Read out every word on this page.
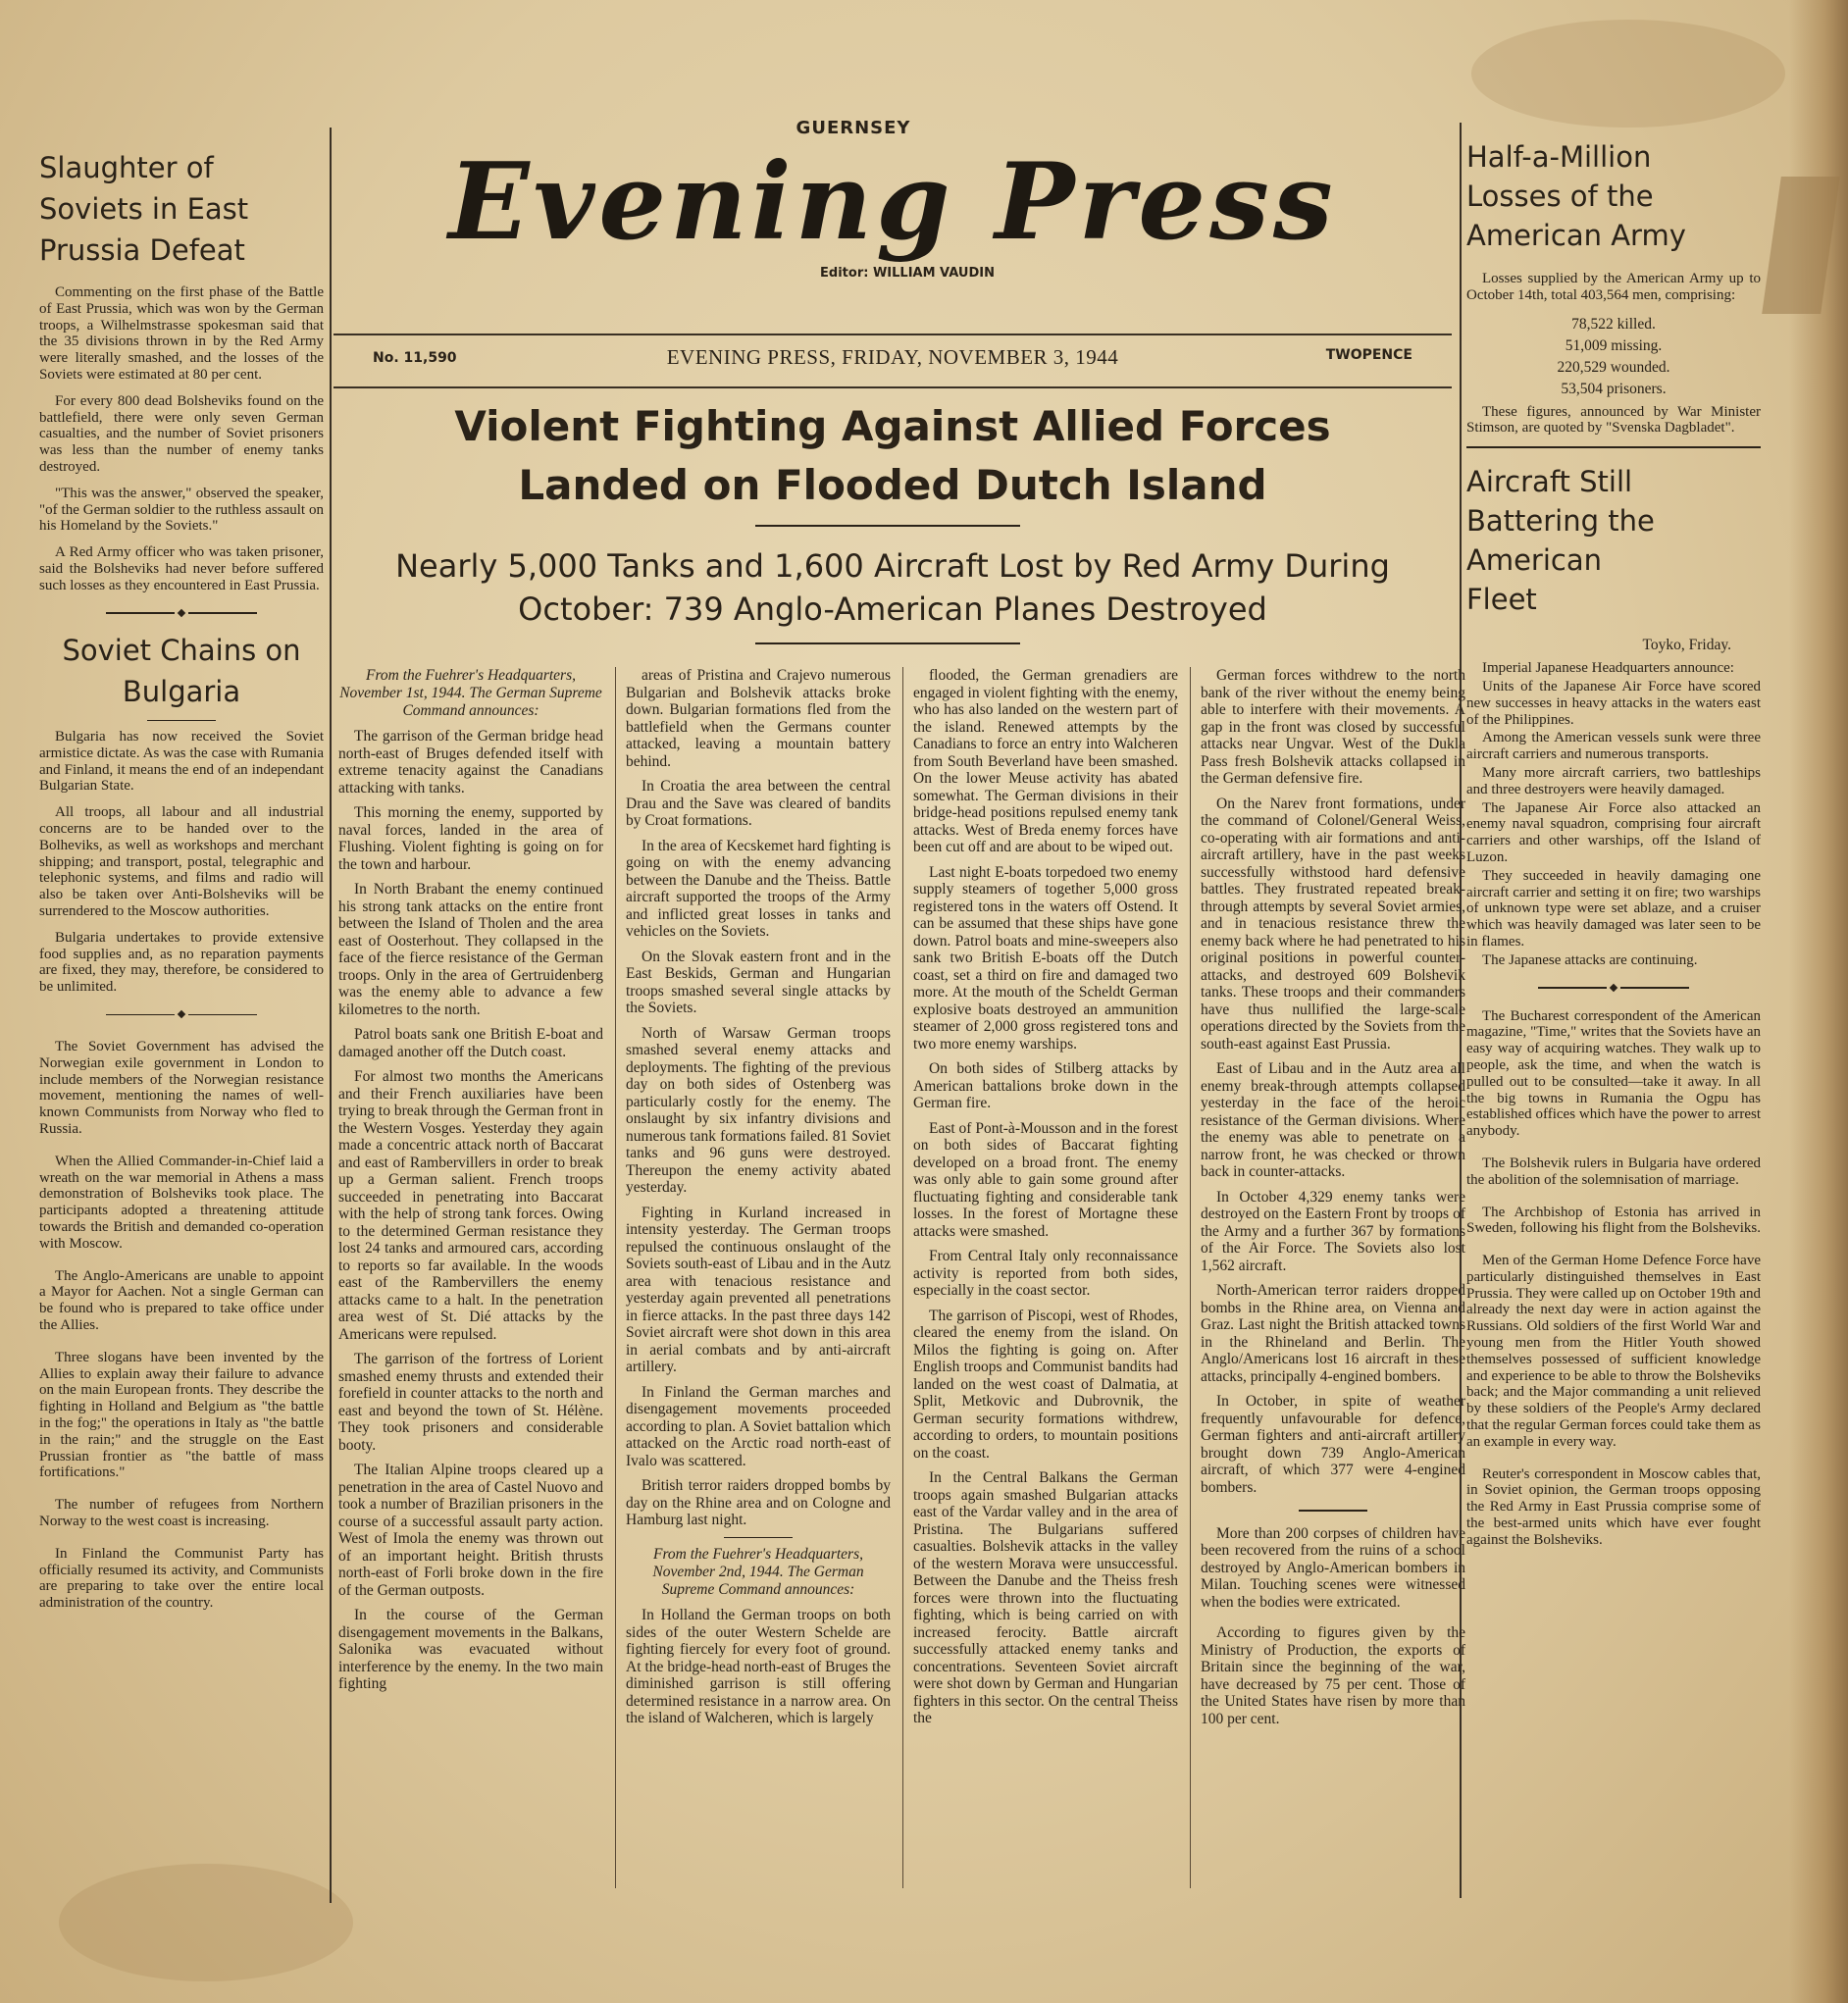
Slaughter of Soviets in East Prussia Defeat

Commenting on the first phase of the Battle of East Prussia, which was won by the German troops, a Wilhelmstrasse spokesman said that the 35 divisions thrown in by the Red Army were literally smashed, and the losses of the Soviets were estimated at 80 per cent.

For every 800 dead Bolsheviks found on the battlefield, there were only seven German casualties, and the number of Soviet prisoners was less than the number of enemy tanks destroyed.

"This was the answer," observed the speaker, "of the German soldier to the ruthless assault on his Homeland by the Soviets."

A Red Army officer who was taken prisoner, said the Bolsheviks had never before suffered such losses as they encountered in East Prussia.

Soviet Chains on Bulgaria

Bulgaria has now received the Soviet armistice dictate. As was the case with Rumania and Finland, it means the end of an independant Bulgarian State.

All troops, all labour and all industrial concerns are to be handed over to the Bolheviks, as well as workshops and merchant shipping; and transport, postal, telegraphic and telephonic systems, and films and radio will also be taken over Anti-Bolsheviks will be surrendered to the Moscow authorities.

Bulgaria undertakes to provide extensive food supplies and, as no reparation payments are fixed, they may, therefore, be considered to be unlimited.

The Soviet Government has advised the Norwegian exile government in London to include members of the Norwegian resistance movement, mentioning the names of well-known Communists from Norway who fled to Russia.

When the Allied Commander-in-Chief laid a wreath on the war memorial in Athens a mass demonstration of Bolsheviks took place. The participants adopted a threatening attitude towards the British and demanded co-operation with Moscow.

The Anglo-Americans are unable to appoint a Mayor for Aachen. Not a single German can be found who is prepared to take office under the Allies.

Three slogans have been invented by the Allies to explain away their failure to advance on the main European fronts. They describe the fighting in Holland and Belgium as "the battle in the fog;" the operations in Italy as "the battle in the rain;" and the struggle on the East Prussian frontier as "the battle of mass fortifications."

The number of refugees from Northern Norway to the west coast is increasing.

In Finland the Communist Party has officially resumed its activity, and Communists are preparing to take over the entire local administration of the country.

GUERNSEY
Evening Press
Editor: WILLIAM VAUDIN
No. 11,590	EVENING PRESS, FRIDAY, NOVEMBER 3, 1944	TWOPENCE
Violent Fighting Against Allied Forces
Landed on Flooded Dutch Island
Nearly 5,000 Tanks and 1,600 Aircraft Lost by Red Army During
October: 739 Anglo-American Planes Destroyed

From the Fuehrer's Headquarters, November 1st, 1944. The German Supreme Command announces:

The garrison of the German bridge head north-east of Bruges defended itself with extreme tenacity against the Canadians attacking with tanks.

This morning the enemy, supported by naval forces, landed in the area of Flushing. Violent fighting is going on for the town and harbour.

In North Brabant the enemy continued his strong tank attacks on the entire front between the Island of Tholen and the area east of Oosterhout. They collapsed in the face of the fierce resistance of the German troops. Only in the area of Gertruidenberg was the enemy able to advance a few kilometres to the north.

Patrol boats sank one British E-boat and damaged another off the Dutch coast.

For almost two months the Americans and their French auxiliaries have been trying to break through the German front in the Western Vosges. Yesterday they again made a concentric attack north of Baccarat and east of Rambervillers in order to break up a German salient. French troops succeeded in penetrating into Baccarat with the help of strong tank forces. Owing to the determined German resistance they lost 24 tanks and armoured cars, according to reports so far available. In the woods east of the Rambervillers the enemy attacks came to a halt. In the penetration area west of St. Dié attacks by the Americans were repulsed.

The garrison of the fortress of Lorient smashed enemy thrusts and extended their forefield in counter attacks to the north and east and beyond the town of St. Hélène. They took prisoners and considerable booty.

The Italian Alpine troops cleared up a penetration in the area of Castel Nuovo and took a number of Brazilian prisoners in the course of a successful assault party action. West of Imola the enemy was thrown out of an important height. British thrusts north-east of Forli broke down in the fire of the German outposts.

In the course of the German disengagement movements in the Balkans, Salonika was evacuated without interference by the enemy. In the two main fighting

areas of Pristina and Crajevo numerous Bulgarian and Bolshevik attacks broke down. Bulgarian formations fled from the battlefield when the Germans counter attacked, leaving a mountain battery behind.

In Croatia the area between the central Drau and the Save was cleared of bandits by Croat formations.

In the area of Kecskemet hard fighting is going on with the enemy advancing between the Danube and the Theiss. Battle aircraft supported the troops of the Army and inflicted great losses in tanks and vehicles on the Soviets.

On the Slovak eastern front and in the East Beskids, German and Hungarian troops smashed several single attacks by the Soviets.

North of Warsaw German troops smashed several enemy attacks and deployments. The fighting of the previous day on both sides of Ostenberg was particularly costly for the enemy. The onslaught by six infantry divisions and numerous tank formations failed. 81 Soviet tanks and 96 guns were destroyed. Thereupon the enemy activity abated yesterday.

Fighting in Kurland increased in intensity yesterday. The German troops repulsed the continuous onslaught of the Soviets south-east of Libau and in the Autz area with tenacious resistance and yesterday again prevented all penetrations in fierce attacks. In the past three days 142 Soviet aircraft were shot down in this area in aerial combats and by anti-aircraft artillery.

In Finland the German marches and disengagement movements proceeded according to plan. A Soviet battalion which attacked on the Arctic road north-east of Ivalo was scattered.

British terror raiders dropped bombs by day on the Rhine area and on Cologne and Hamburg last night.

From the Fuehrer's Headquarters, November 2nd, 1944. The German Supreme Command announces:

In Holland the German troops on both sides of the outer Western Schelde are fighting fiercely for every foot of ground. At the bridge-head north-east of Bruges the diminished garrison is still offering determined resistance in a narrow area. On the island of Walcheren, which is largely

flooded, the German grenadiers are engaged in violent fighting with the enemy, who has also landed on the western part of the island. Renewed attempts by the Canadians to force an entry into Walcheren from South Beverland have been smashed. On the lower Meuse activity has abated somewhat. The German divisions in their bridge-head positions repulsed enemy tank attacks. West of Breda enemy forces have been cut off and are about to be wiped out.

Last night E-boats torpedoed two enemy supply steamers of together 5,000 gross registered tons in the waters off Ostend. It can be assumed that these ships have gone down. Patrol boats and mine-sweepers also sank two British E-boats off the Dutch coast, set a third on fire and damaged two more. At the mouth of the Scheldt German explosive boats destroyed an ammunition steamer of 2,000 gross registered tons and two more enemy warships.

On both sides of Stilberg attacks by American battalions broke down in the German fire.

East of Pont-à-Mousson and in the forest on both sides of Baccarat fighting developed on a broad front. The enemy was only able to gain some ground after fluctuating fighting and considerable tank losses. In the forest of Mortagne these attacks were smashed.

From Central Italy only reconnaissance activity is reported from both sides, especially in the coast sector.

The garrison of Piscopi, west of Rhodes, cleared the enemy from the island. On Milos the fighting is going on. After English troops and Communist bandits had landed on the west coast of Dalmatia, at Split, Metkovic and Dubrovnik, the German security formations withdrew, according to orders, to mountain positions on the coast.

In the Central Balkans the German troops again smashed Bulgarian attacks east of the Vardar valley and in the area of Pristina. The Bulgarians suffered casualties. Bolshevik attacks in the valley of the western Morava were unsuccessful. Between the Danube and the Theiss fresh forces were thrown into the fluctuating fighting, which is being carried on with increased ferocity. Battle aircraft successfully attacked enemy tanks and concentrations. Seventeen Soviet aircraft were shot down by German and Hungarian fighters in this sector. On the central Theiss the

German forces withdrew to the north bank of the river without the enemy being able to interfere with their movements. A gap in the front was closed by successful attacks near Ungvar. West of the Dukla Pass fresh Bolshevik attacks collapsed in the German defensive fire.

On the Narev front formations, under the command of Colonel/General Weiss, co-operating with air formations and anti-aircraft artillery, have in the past weeks successfully withstood hard defensive battles. They frustrated repeated break-through attempts by several Soviet armies, and in tenacious resistance threw the enemy back where he had penetrated to his original positions in powerful counter-attacks, and destroyed 609 Bolshevik tanks. These troops and their commanders have thus nullified the large-scale operations directed by the Soviets from the south-east against East Prussia.

East of Libau and in the Autz area all enemy break-through attempts collapsed yesterday in the face of the heroic resistance of the German divisions. Where the enemy was able to penetrate on a narrow front, he was checked or thrown back in counter-attacks.

In October 4,329 enemy tanks were destroyed on the Eastern Front by troops of the Army and a further 367 by formations of the Air Force. The Soviets also lost 1,562 aircraft.

North-American terror raiders dropped bombs in the Rhine area, on Vienna and Graz. Last night the British attacked towns in the Rhineland and Berlin. The Anglo/Americans lost 16 aircraft in these attacks, principally 4-engined bombers.

In October, in spite of weather frequently unfavourable for defence, German fighters and anti-aircraft artillery brought down 739 Anglo-American aircraft, of which 377 were 4-engined bombers.

More than 200 corpses of children have been recovered from the ruins of a school destroyed by Anglo-American bombers in Milan. Touching scenes were witnessed when the bodies were extricated.

According to figures given by the Ministry of Production, the exports of Britain since the beginning of the war, have decreased by 75 per cent. Those of the United States have risen by more than 100 per cent.

Half-a-Million Losses of the American Army

Losses supplied by the American Army up to October 14th, total 403,564 men, comprising:

78,522 killed.
51,009 missing.
220,529 wounded.
53,504 prisoners.

These figures, announced by War Minister Stimson, are quoted by "Svenska Dagbladet".

Aircraft Still Battering the American Fleet
Toyko, Friday.

Imperial Japanese Headquarters announce:

Units of the Japanese Air Force have scored new successes in heavy attacks in the waters east of the Philippines.

Among the American vessels sunk were three aircraft carriers and numerous transports.

Many more aircraft carriers, two battleships and three destroyers were heavily damaged.

The Japanese Air Force also attacked an enemy naval squadron, comprising four aircraft carriers and other warships, off the Island of Luzon.

They succeeded in heavily damaging one aircraft carrier and setting it on fire; two warships of unknown type were set ablaze, and a cruiser which was heavily damaged was later seen to be in flames.

The Japanese attacks are continuing.

The Bucharest correspondent of the American magazine, "Time," writes that the Soviets have an easy way of acquiring watches. They walk up to people, ask the time, and when the watch is pulled out to be consulted—take it away. In all the big towns in Rumania the Ogpu has established offices which have the power to arrest anybody.

The Bolshevik rulers in Bulgaria have ordered the abolition of the solemnisation of marriage.

The Archbishop of Estonia has arrived in Sweden, following his flight from the Bolsheviks.

Men of the German Home Defence Force have particularly distinguished themselves in East Prussia. They were called up on October 19th and already the next day were in action against the Russians. Old soldiers of the first World War and young men from the Hitler Youth showed themselves possessed of sufficient knowledge and experience to be able to throw the Bolsheviks back; and the Major commanding a unit relieved by these soldiers of the People's Army declared that the regular German forces could take them as an example in every way.

Reuter's correspondent in Moscow cables that, in Soviet opinion, the German troops opposing the Red Army in East Prussia comprise some of the best-armed units which have ever fought against the Bolsheviks.
